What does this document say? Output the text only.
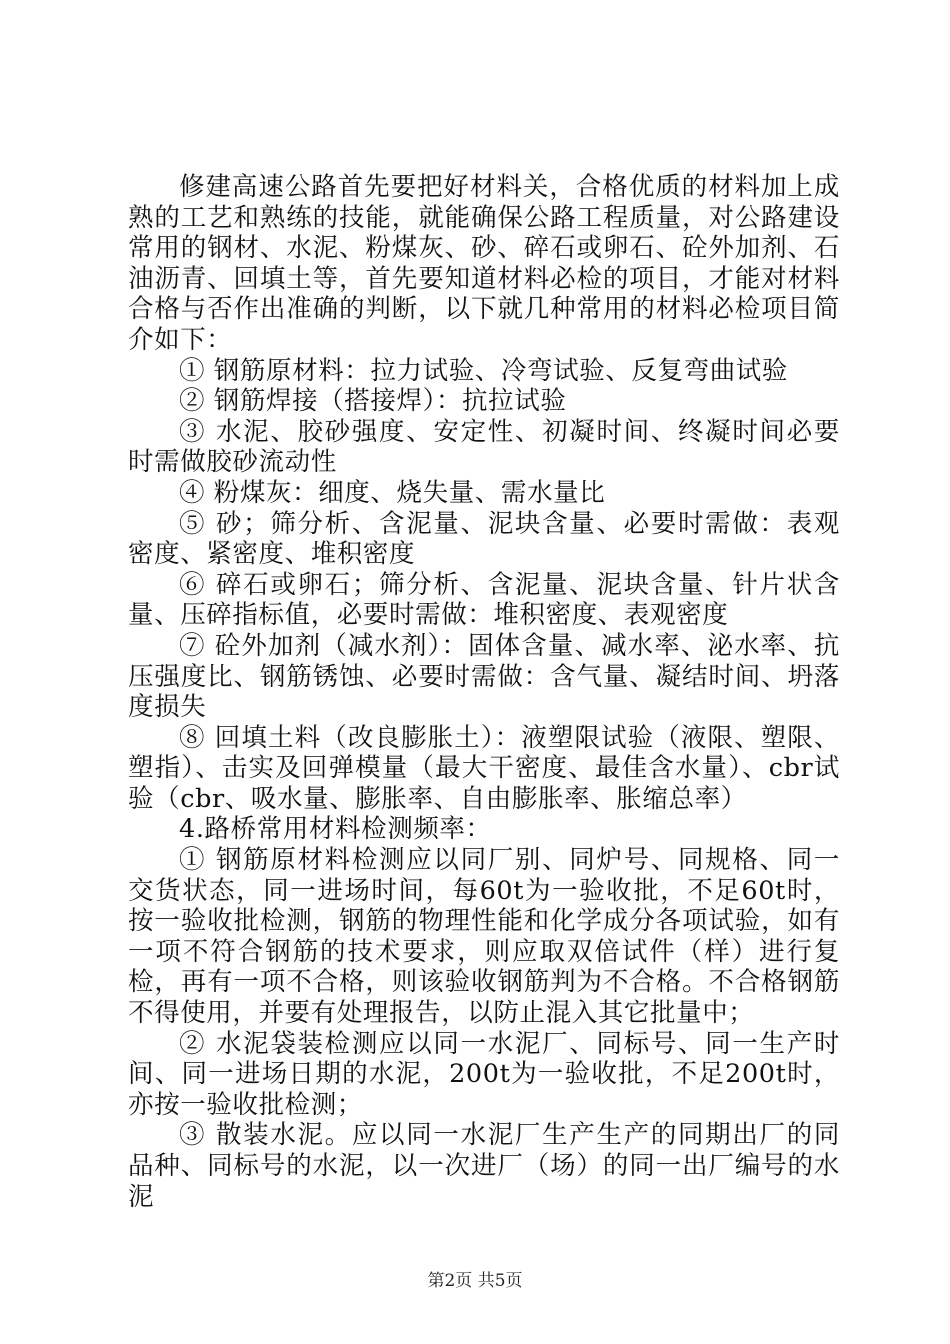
修建高速公路首先要把好材料关，合格优质的材料加上成熟的工艺和熟练的技能，就能确保公路工程质量，对公路建设常用的钢材、水泥、粉煤灰、砂、碎石或卵石、砼外加剂、石油沥青、回填土等，首先要知道材料必检的项目，才能对材料合格与否作出准确的判断，以下就几种常用的材料必检项目简介如下：

① 钢筋原材料：拉力试验、冷弯试验、反复弯曲试验

② 钢筋焊接（搭接焊）：抗拉试验

③ 水泥、胶砂强度、安定性、初凝时间、终凝时间必要时需做胶砂流动性

④ 粉煤灰：细度、烧失量、需水量比

⑤ 砂；筛分析、含泥量、泥块含量、必要时需做：表观密度、紧密度、堆积密度

⑥ 碎石或卵石；筛分析、含泥量、泥块含量、针片状含量、压碎指标值，必要时需做：堆积密度、表观密度

⑦ 砼外加剂（减水剂）：固体含量、减水率、泌水率、抗压强度比、钢筋锈蚀、必要时需做：含气量、凝结时间、坍落度损失

⑧ 回填土料（改良膨胀土）：液塑限试验（液限、塑限、塑指）、击实及回弹模量（最大干密度、最佳含水量）、cbr试验（cbr、吸水量、膨胀率、自由膨胀率、胀缩总率）

4.路桥常用材料检测频率：

① 钢筋原材料检测应以同厂别、同炉号、同规格、同一交货状态，同一进场时间，每60t为一验收批，不足60t时，按一验收批检测，钢筋的物理性能和化学成分各项试验，如有一项不符合钢筋的技术要求，则应取双倍试件（样）进行复检，再有一项不合格，则该验收钢筋判为不合格。不合格钢筋不得使用，并要有处理报告，以防止混入其它批量中；

② 水泥袋装检测应以同一水泥厂、同标号、同一生产时间、同一进场日期的水泥，200t为一验收批，不足200t时，亦按一验收批检测；

③ 散装水泥。应以同一水泥厂生产生产的同期出厂的同品种、同标号的水泥，以一次进厂（场）的同一出厂编号的水泥

第2页 共5页
